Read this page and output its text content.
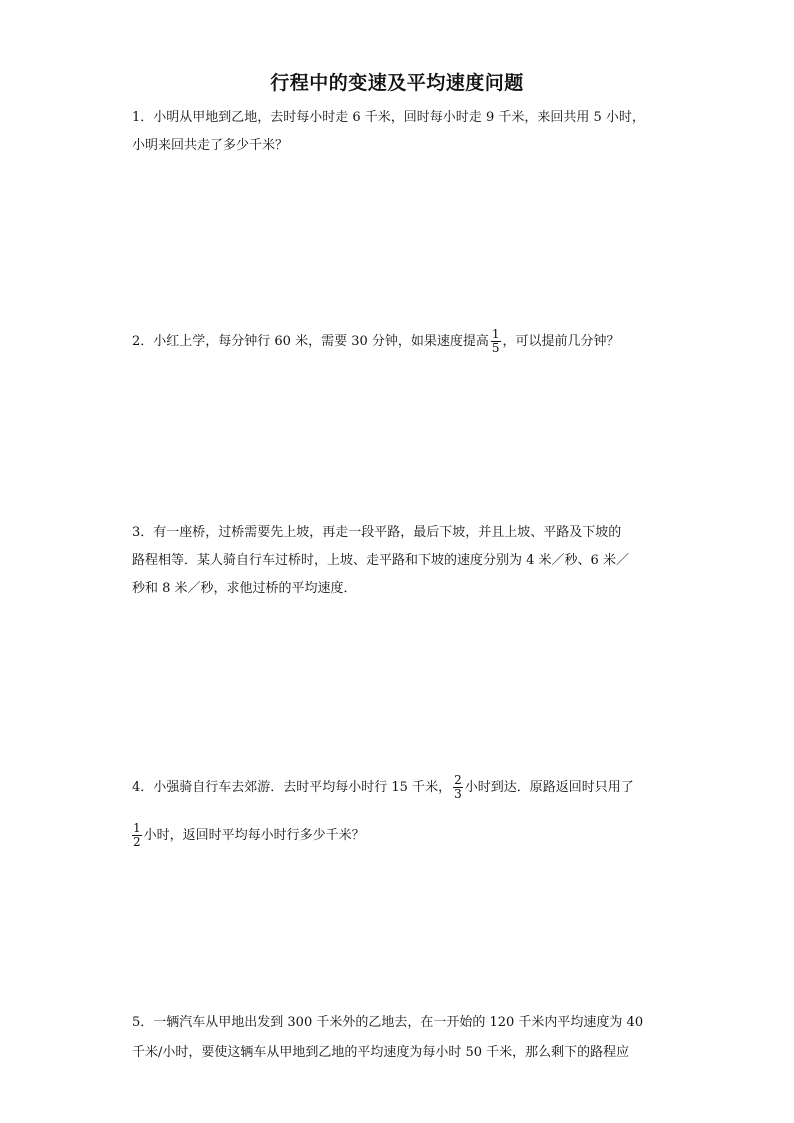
行程中的变速及平均速度问题
1．小明从甲地到乙地，去时每小时走 6 千米，回时每小时走 9 千米，来回共用 5 小时，
小明来回共走了多少千米？
2．小红上学，每分钟行 60 米，需要 30 分钟，如果速度提高 $\frac{1}{5}$ ，可以提前几分钟？
3．有一座桥，过桥需要先上坡，再走一段平路，最后下坡，并且上坡、平路及下坡的
路程相等．某人骑自行车过桥时，上坡、走平路和下坡的速度分别为 4 米／秒、6 米／
秒和 8 米／秒，求他过桥的平均速度．
4．小强骑自行车去郊游．去时平均每小时行 15 千米， $\frac{2}{3}$ 小时到达．原路返回时只用了
$\frac{1}{2}$ 小时，返回时平均每小时行多少千米？
5．一辆汽车从甲地出发到 300 千米外的乙地去，在一开始的 120 千米内平均速度为 40
千米/小时，要使这辆车从甲地到乙地的平均速度为每小时 50 千米，那么剩下的路程应
